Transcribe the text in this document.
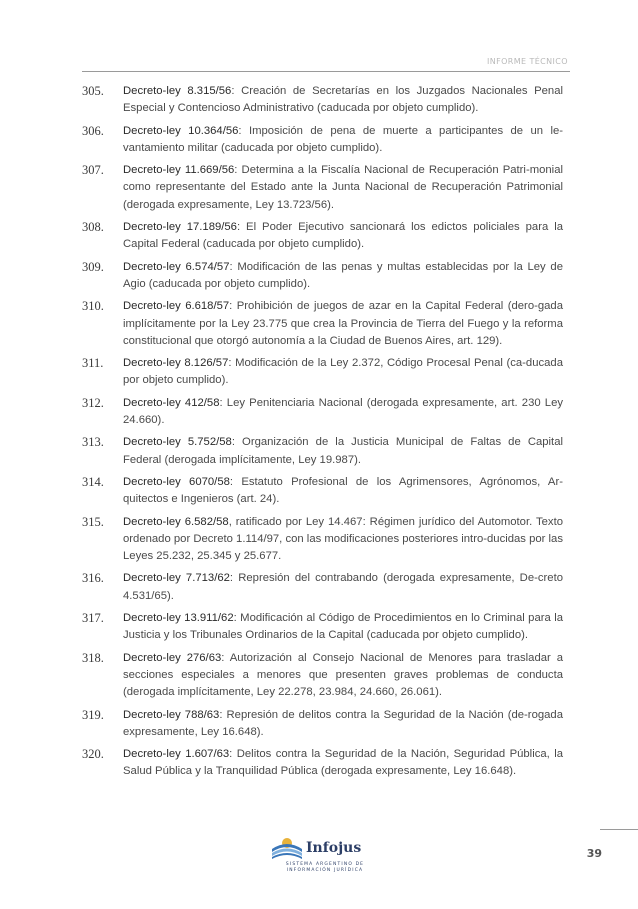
INFORME TÉCNICO
305. Decreto-ley 8.315/56: Creación de Secretarías en los Juzgados Nacionales Penal Especial y Contencioso Administrativo (caducada por objeto cumplido).
306. Decreto-ley 10.364/56: Imposición de pena de muerte a participantes de un le-vantamiento militar (caducada por objeto cumplido).
307. Decreto-ley 11.669/56: Determina a la Fiscalía Nacional de Recuperación Patri-monial como representante del Estado ante la Junta Nacional de Recuperación Patrimonial (derogada expresamente, Ley 13.723/56).
308. Decreto-ley 17.189/56: El Poder Ejecutivo sancionará los edictos policiales para la Capital Federal (caducada por objeto cumplido).
309. Decreto-ley 6.574/57: Modificación de las penas y multas establecidas por la Ley de Agio (caducada por objeto cumplido).
310. Decreto-ley 6.618/57: Prohibición de juegos de azar en la Capital Federal (dero-gada implícitamente por la Ley 23.775 que crea la Provincia de Tierra del Fuego y la reforma constitucional que otorgó autonomía a la Ciudad de Buenos Aires, art. 129).
311. Decreto-ley 8.126/57: Modificación de la Ley 2.372, Código Procesal Penal (ca-ducada por objeto cumplido).
312. Decreto-ley 412/58: Ley Penitenciaria Nacional (derogada expresamente, art. 230 Ley 24.660).
313. Decreto-ley 5.752/58: Organización de la Justicia Municipal de Faltas de Capital Federal (derogada implícitamente, Ley 19.987).
314. Decreto-ley 6070/58: Estatuto Profesional de los Agrimensores, Agrónomos, Ar-quitectos e Ingenieros (art. 24).
315. Decreto-ley 6.582/58, ratificado por Ley 14.467: Régimen jurídico del Automotor. Texto ordenado por Decreto 1.114/97, con las modificaciones posteriores intro-ducidas por las Leyes 25.232, 25.345 y 25.677.
316. Decreto-ley 7.713/62: Represión del contrabando (derogada expresamente, De-creto 4.531/65).
317. Decreto-ley 13.911/62: Modificación al Código de Procedimientos en lo Criminal para la Justicia y los Tribunales Ordinarios de la Capital (caducada por objeto cumplido).
318. Decreto-ley 276/63: Autorización al Consejo Nacional de Menores para trasladar a secciones especiales a menores que presenten graves problemas de conducta (derogada implícitamente, Ley 22.278, 23.984, 24.660, 26.061).
319. Decreto-ley 788/63: Represión de delitos contra la Seguridad de la Nación (de-rogada expresamente, Ley 16.648).
320. Decreto-ley 1.607/63: Delitos contra la Seguridad de la Nación, Seguridad Pública, la Salud Pública y la Tranquilidad Pública (derogada expresamente, Ley 16.648).
Infojus
SISTEMA ARGENTINO DE
INFORMACIÓN JURÍDICA
39
